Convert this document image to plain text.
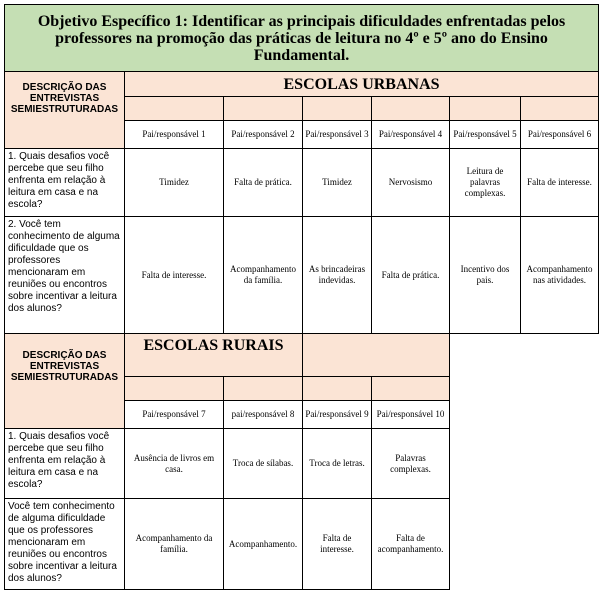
Objetivo Específico 1: Identificar as principais dificuldades enfrentadas pelos professores na promoção das práticas de leitura no 4º e 5º ano do Ensino Fundamental.						
DESCRIÇÃO DAS ENTREVISTAS SEMIESTRUTURADAS	ESCOLAS URBANAS					

	Pai/responsável 1	Pai/responsável 2	Pai/responsável 3	Pai/responsável 4	Pai/responsável 5	Pai/responsável 6
1. Quais desafios você percebe que seu filho enfrenta em relação à leitura em casa e na escola?	Timidez	Falta de prática.	Timidez	Nervosismo	Leitura de palavras complexas.	Falta de interesse.
2. Você tem conhecimento de alguma dificuldade que os professores mencionaram em reuniões ou encontros sobre incentivar a leitura dos alunos?	Falta de interesse.	Acompanhamento da família.	As brincadeiras indevidas.	Falta de prática.	Incentivo dos pais.	Acompanhamento nas atividades.
DESCRIÇÃO DAS ENTREVISTAS SEMIESTRUTURADAS	ESCOLAS RURAIS					

	Pai/responsável 7	pai/responsável 8	Pai/responsável 9	Pai/responsável 10		
1. Quais desafios você percebe que seu filho enfrenta em relação à leitura em casa e na escola?	Ausência de livros em casa.	Troca de sílabas.	Troca de letras.	Palavras complexas.		
Você tem conhecimento de alguma dificuldade que os professores mencionaram em reuniões ou encontros sobre incentivar a leitura dos alunos?	Acompanhamento da família.	Acompanhamento.	Falta de interesse.	Falta de acompanhamento.		
